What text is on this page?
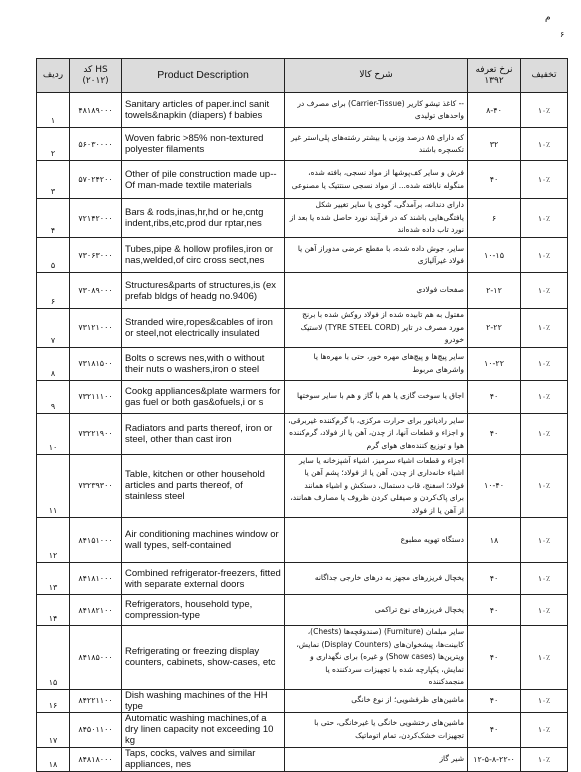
م
۶
ردیف	کد HS (۲۰۱۲)	Product Description	شرح کالا	نرخ تعرفه ۱۳۹۲	تخفیف
۱	۴۸۱۸۹۰۰۰	Sanitary articles of paper.incl sanit towels&napkin (diapers) f babies	-- کاغذ تیشو کاریر (Carrier-Tissue) برای مصرف در واحدهای تولیدی	۸-۴۰	۱۰٪
۲	۵۶۰۳۰۰۰۰	Woven fabric >85% non-textured polyester filaments	که دارای ۸۵ درصد وزنی یا بیشتر رشته‌های پلی‌استر غیر تکسچره باشند	۳۲	۱۰٪
۳	۵۷۰۲۴۲۰۰	Other of pile construction made up--Of man-made textile materials	فرش و سایر کف‌پوشها از مواد نسجی، بافته شده، منگوله نابافته شده... از مواد نسجی سنتتیک یا مصنوعی	۴۰	۱۰٪
۴	۷۲۱۴۲۰۰۰	Bars & rods,inas,hr,hd or he,cntg indent,ribs,etc,prod dur rptar,nes	دارای دندانه، برآمدگی، گودی یا سایر تغییر شکل یافتگی‌هایی باشند که در فرآیند نورد حاصل شده یا بعد از نورد تاب داده شده‌اند	۶	۱۰٪
۵	۷۳۰۶۳۰۰۰	Tubes,pipe & hollow profiles,iron or nas,welded,of circ cross sect,nes	سایر، جوش داده شده، با مقطع عرضی مدوراز آهن یا فولاد غیرآلیاژی	۱۰-۱۵	۱۰٪
۶	۷۳۰۸۹۰۰۰	Structures&parts of structures,is (ex prefab bldgs of headg no.9406)	صفحات فولادی	۲-۱۲	۱۰٪
۷	۷۳۱۲۱۰۰۰	Stranded wire,ropes&cables of iron or steel,not electrically insulated	مفتول به هم تابیده شده از فولاد روکش شده با برنج مورد مصرف در تایر (TYRE STEEL CORD) لاستیک خودرو	۲-۲۲	۱۰٪
۸	۷۳۱۸۱۵۰۰	Bolts o screws nes,with o without their nuts o washers,iron o steel	سایر پیچ‌ها و پیچ‌های مهره خور، حتی با مهره‌ها یا واشرهای مربوط	۱۰-۲۲	۱۰٪
۹	۷۳۲۱۱۱۰۰	Cookg appliances&plate warmers for gas fuel or both gas&ofuels,i or s	اجاق یا سوخت گازی یا هم با گاز و هم با سایر سوختها	۴۰	۱۰٪
۱۰	۷۳۲۲۱۹۰۰	Radiators and parts thereof, iron or steel, other than cast iron	سایر رادیاتور برای حرارت مرکزی، با گرم‌کننده غیربرقی، و اجزاء و قطعات آنها، از چدن، آهن یا از فولاد، گرم‌کننده هوا و توزیع کننده‌های هوای گرم	۴۰	۱۰٪
۱۱	۷۳۲۳۹۳۰۰	Table, kitchen or other household articles and parts thereof, of stainless steel	اجزاء و قطعات اشیاء سرمیز، اشیاء آشپزخانه یا سایر اشیاء خانه‌داری از چدن، آهن یا از فولاد؛ پشم آهن یا فولاد؛ اسفنج، قاب دستمال، دستکش و اشیاء همانند برای پاک‌کردن و صیقلی کردن ظروف یا مصارف همانند، از آهن یا از فولاد	۱۰-۴۰	۱۰٪
۱۲	۸۴۱۵۱۰۰۰	Air conditioning machines window or wall types, self-contained	دستگاه تهویه مطبوع	۱۸	۱۰٪
۱۳	۸۴۱۸۱۰۰۰	Combined refrigerator-freezers, fitted with separate external doors	یخچال فریزرهای مجهز به درهای خارجی جداگانه	۴۰	۱۰٪
۱۴	۸۴۱۸۲۱۰۰	Refrigerators, household type, compression-type	یخچال فریزرهای نوع تراکمی	۴۰	۱۰٪
۱۵	۸۴۱۸۵۰۰۰	Refrigerating or freezing display counters, cabinets, show-cases, etc	سایر مبلمان (Furniture) (صندوقچه‌ها (Chests)، کابینت‌ها، پیشخوان‌های (Display Counters) نمایش، ویترین‌ها (Show cases) و غیره) برای نگهداری و نمایش، یکپارچه شده با تجهیزات سردکننده یا منجمدکننده	۴۰	۱۰٪
۱۶	۸۴۲۲۱۱۰۰	Dish washing machines of the HH type	ماشین‌های ظرفشویی؛ از نوع خانگی	۴۰	۱۰٪
۱۷	۸۴۵۰۱۱۰۰	Automatic washing machines,of a dry linen capacity not exceeding 10 kg	ماشین‌های رختشویی خانگی یا غیرخانگی، حتی با تجهیزات خشک‌کردن، تمام اتوماتیک	۴۰	۱۰٪
۱۸	۸۴۸۱۸۰۰۰	Taps, cocks, valves and similar appliances, nes	شیر گاز	۱۲-۵-۸-۲۲-۰	۱۰٪
